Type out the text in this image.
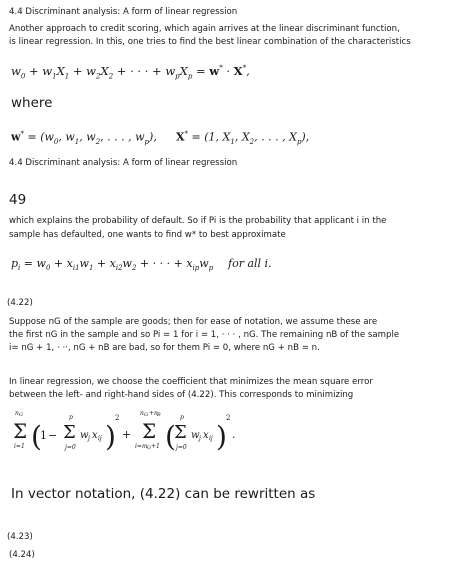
4.4 Discriminant analysis: A form of linear regression
Another approach to credit scoring, which again arrives at the linear discriminant function,
is linear regression. In this, one tries to find the best linear combination of the characteristics
$w_0 + w_1X_1 + w_2X_2$ + · · · + $w_pX_p = w^* \cdot X^*$,
where
$w^* = (w_0$, $w_1$, $w_2$, . . . , $w_p$), X* = (1, $X_1$, $X_2$, . . . , $X_p$),
4.4 Discriminant analysis: A form of linear regression
49
which explains the probability of default. So if Pi is the probability that applicant i in the
sample has defaulted, one wants to find w* to best approximate
$p_i = w_0 + x_{i1}w_1 + x_{i2}w_2$ + · · · + $x_{ip}w_p$ for all i.
(4.22)
Suppose nG of the sample are goods; then for ease of notation, we assume these are
the first nG in the sample and so Pi = 1 for i = 1, · · · , nG. The remaining nB of the sample
i= nG + 1, · ··, nG + nB are bad, so for them Pi = 0, where nG + nB = n.
In linear regression, we choose the coefficient that minimizes the mean square error
between the left- and right-hand sides of (4.22). This corresponds to minimizing
n G
Σ
i=1 (
1 −
p
Σ
j=0
w j x ij )
2
+
n G +n B
Σ
i=m G +1 (
p
Σ
j=0
w j x ij )
2
.
In vector notation, (4.22) can be rewritten as
(4.23)
(4.24)
